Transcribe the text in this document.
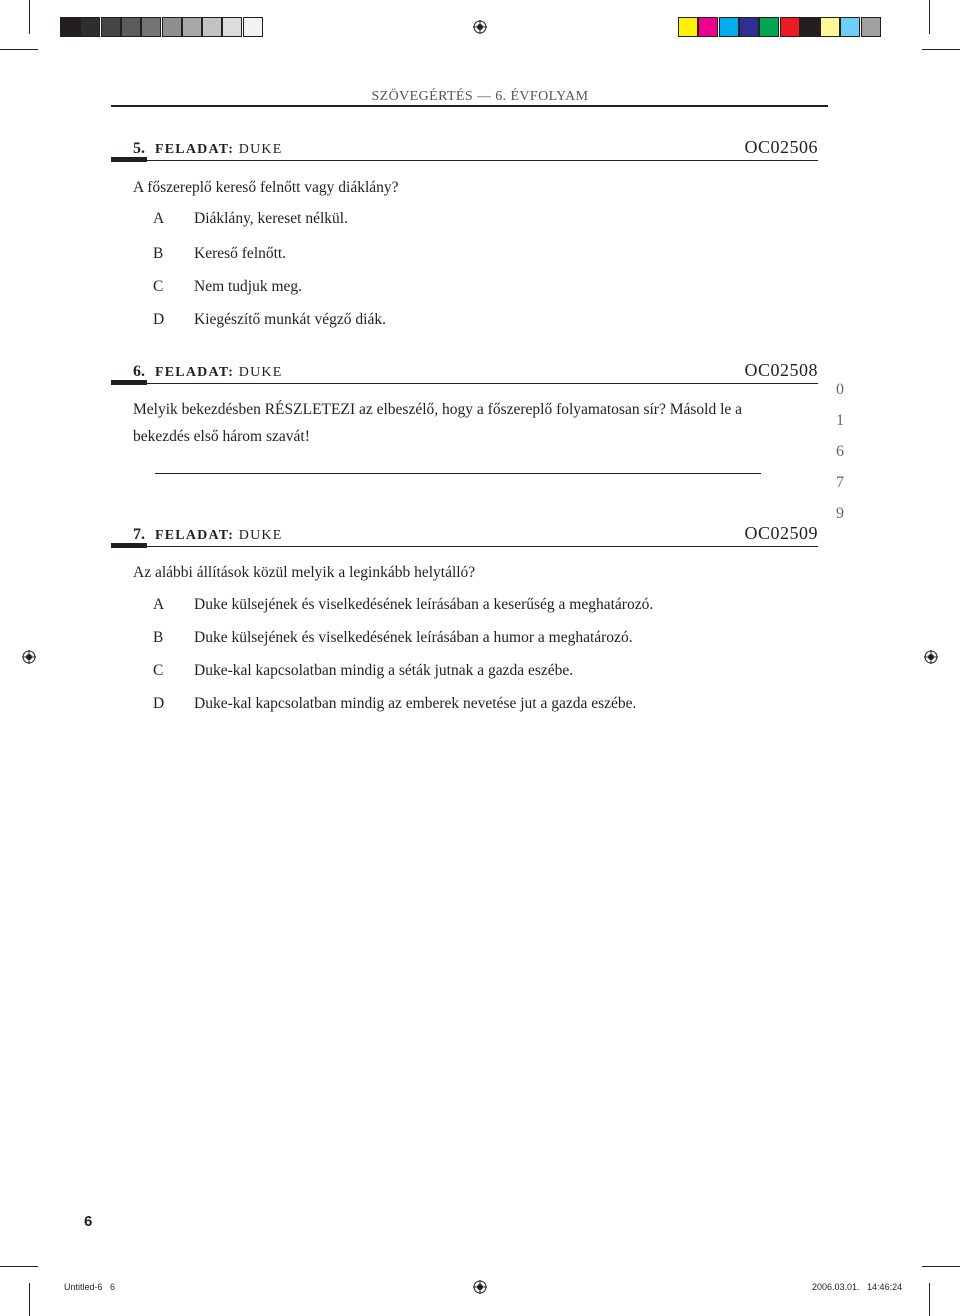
SZÖVEGÉRTÉS — 6. ÉVFOLYAM
5. FELADAT: DUKE	OC02506
A főszereplő kereső felnőtt vagy diáklány?
A Diáklány, kereset nélkül.
B Kereső felnőtt.
C Nem tudjuk meg.
D Kiegészítő munkát végző diák.
6. FELADAT: DUKE	OC02508
Melyik bekezdésben RÉSZLETEZI az elbeszélő, hogy a főszereplő folyamatosan sír? Másold le a
bekezdés első három szavát!
0
1
6
7
9
7. FELADAT: DUKE	OC02509
Az alábbi állítások közül melyik a leginkább helytálló?
A Duke külsejének és viselkedésének leírásában a keserűség a meghatározó.
B Duke külsejének és viselkedésének leírásában a humor a meghatározó.
C Duke-kal kapcsolatban mindig a séták jutnak a gazda eszébe.
D Duke-kal kapcsolatban mindig az emberek nevetése jut a gazda eszébe.
6
Untitled-6   6	2006.03.01.   14:46:24
